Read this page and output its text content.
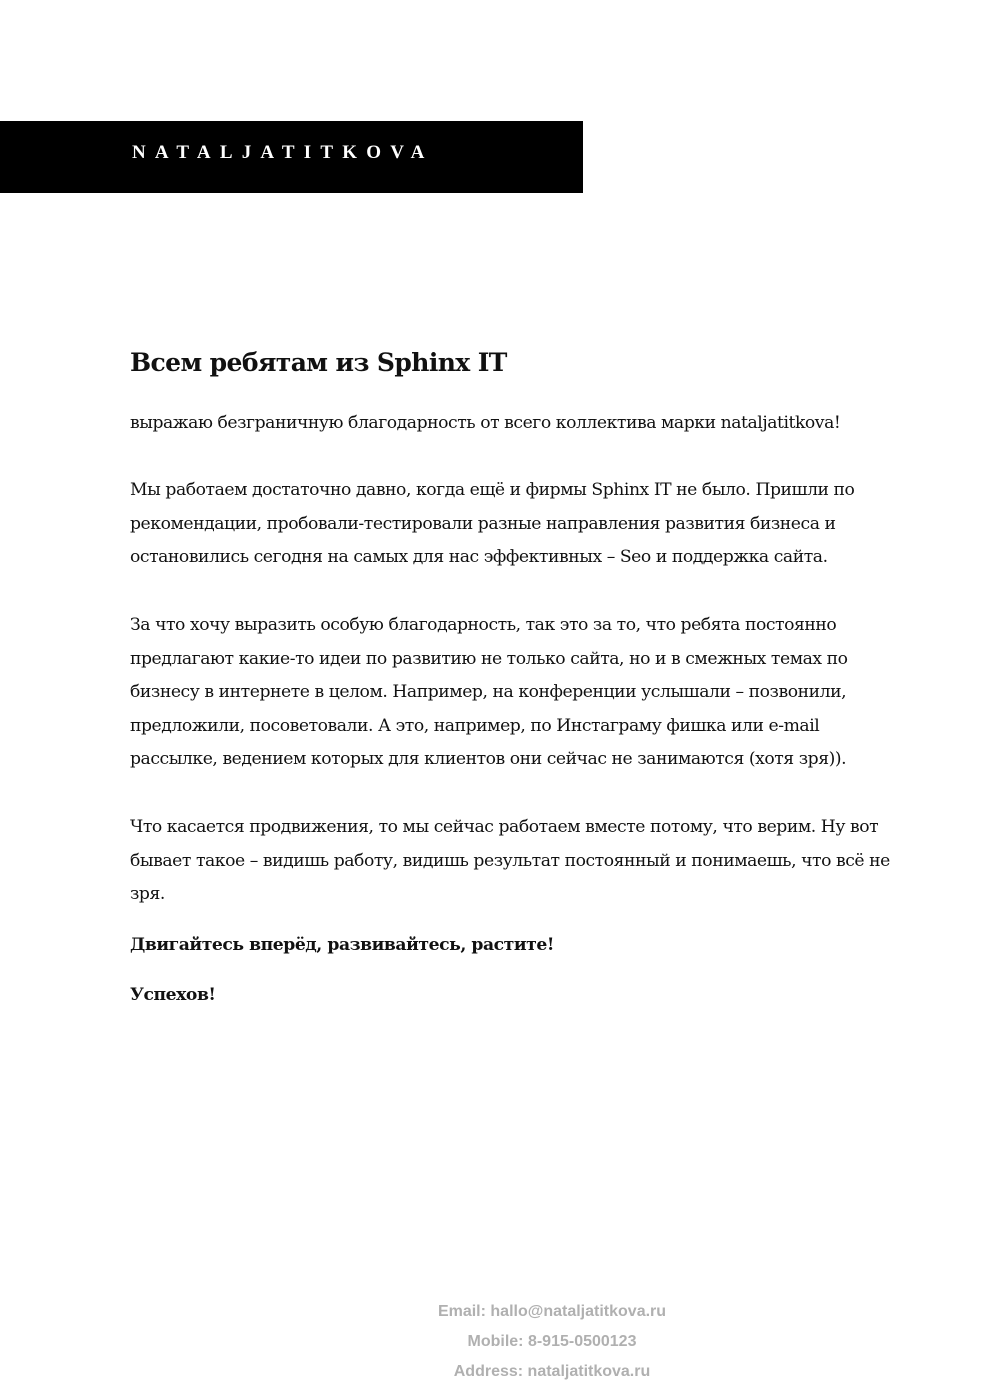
NATALJATITKOVA
Всем ребятам из Sphinx IT

выражаю безграничную благодарность от всего коллектива марки nataljatitkova!

Мы работаем достаточно давно, когда ещё и фирмы Sphinx IT не было. Пришли по
рекомендации, пробовали-тестировали разные направления развития бизнеса и
остановились сегодня на самых для нас эффективных – Seo и поддержка сайта.
За что хочу выразить особую благодарность, так это за то, что ребята постоянно
предлагают какие-то идеи по развитию не только сайта, но и в смежных темах по
бизнесу в интернете в целом. Например, на конференции услышали – позвонили,
предложили, посоветовали. А это, например, по Инстаграму фишка или e-mail
рассылке, ведением которых для клиентов они сейчас не занимаются (хотя зря)).
Что касается продвижения, то мы сейчас работаем вместе потому, что верим. Ну вот
бывает такое – видишь работу, видишь результат постоянный и понимаешь, что всё не
зря.

Двигайтесь вперёд, развивайтесь, растите!

Успехов!

Email: hallo@nataljatitkova.ru
Mobile: 8-915-0500123
Address: nataljatitkova.ru
